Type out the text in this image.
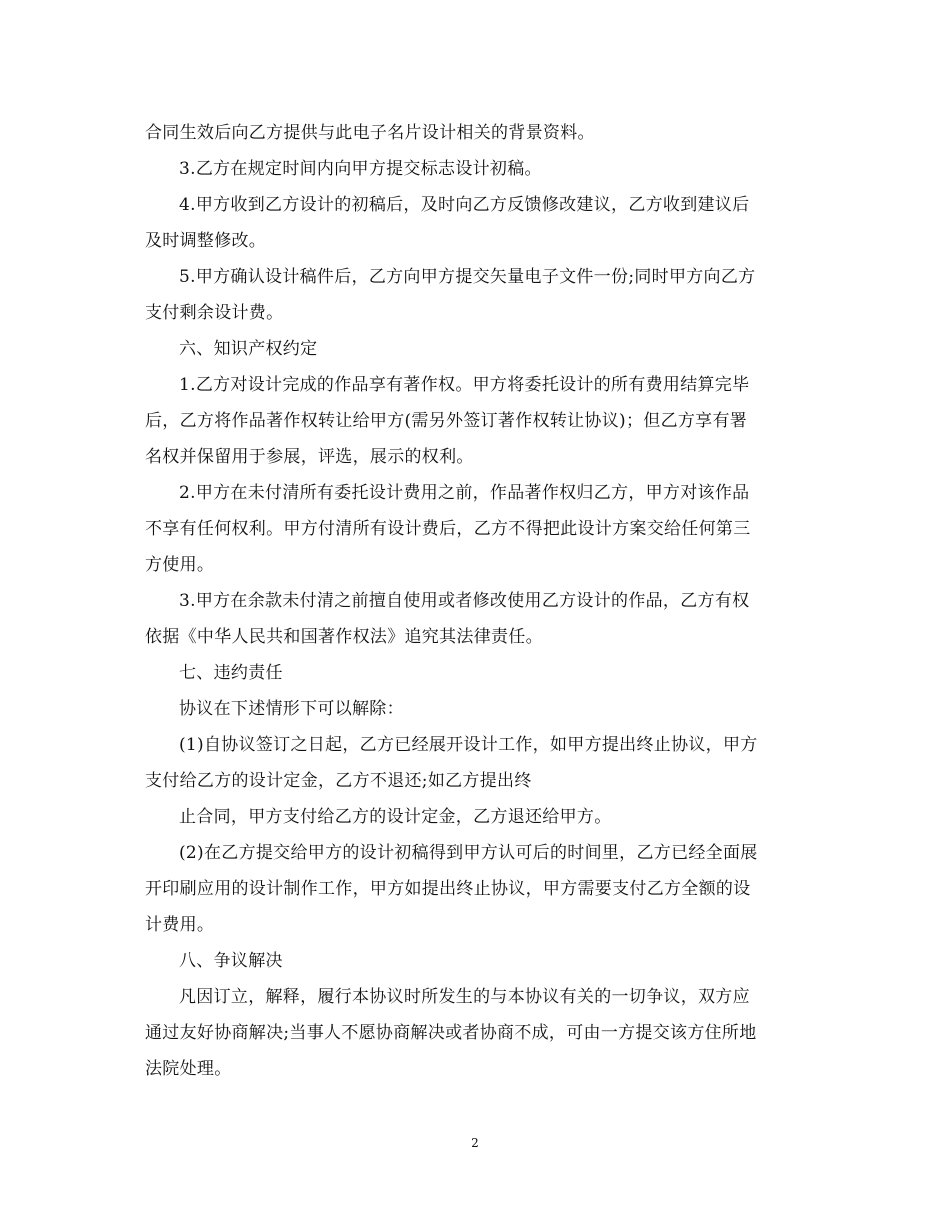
合同生效后向乙方提供与此电子名片设计相关的背景资料。
3.乙方在规定时间内向甲方提交标志设计初稿。
4.甲方收到乙方设计的初稿后，及时向乙方反馈修改建议，乙方收到建议后
及时调整修改。
5.甲方确认设计稿件后，乙方向甲方提交矢量电子文件一份;同时甲方向乙方
支付剩余设计费。
六、知识产权约定
1.乙方对设计完成的作品享有著作权。甲方将委托设计的所有费用结算完毕
后，乙方将作品著作权转让给甲方(需另外签订著作权转让协议)；但乙方享有署
名权并保留用于参展，评选，展示的权利。
2.甲方在未付清所有委托设计费用之前，作品著作权归乙方，甲方对该作品
不享有任何权利。甲方付清所有设计费后，乙方不得把此设计方案交给任何第三
方使用。
3.甲方在余款未付清之前擅自使用或者修改使用乙方设计的作品，乙方有权
依据《中华人民共和国著作权法》追究其法律责任。
七、违约责任
协议在下述情形下可以解除：
(1)自协议签订之日起，乙方已经展开设计工作，如甲方提出终止协议，甲方
支付给乙方的设计定金，乙方不退还;如乙方提出终
止合同，甲方支付给乙方的设计定金，乙方退还给甲方。
(2)在乙方提交给甲方的设计初稿得到甲方认可后的时间里，乙方已经全面展
开印刷应用的设计制作工作，甲方如提出终止协议，甲方需要支付乙方全额的设
计费用。
八、争议解决
凡因订立，解释，履行本协议时所发生的与本协议有关的一切争议，双方应
通过友好协商解决;当事人不愿协商解决或者协商不成，可由一方提交该方住所地
法院处理。
2
